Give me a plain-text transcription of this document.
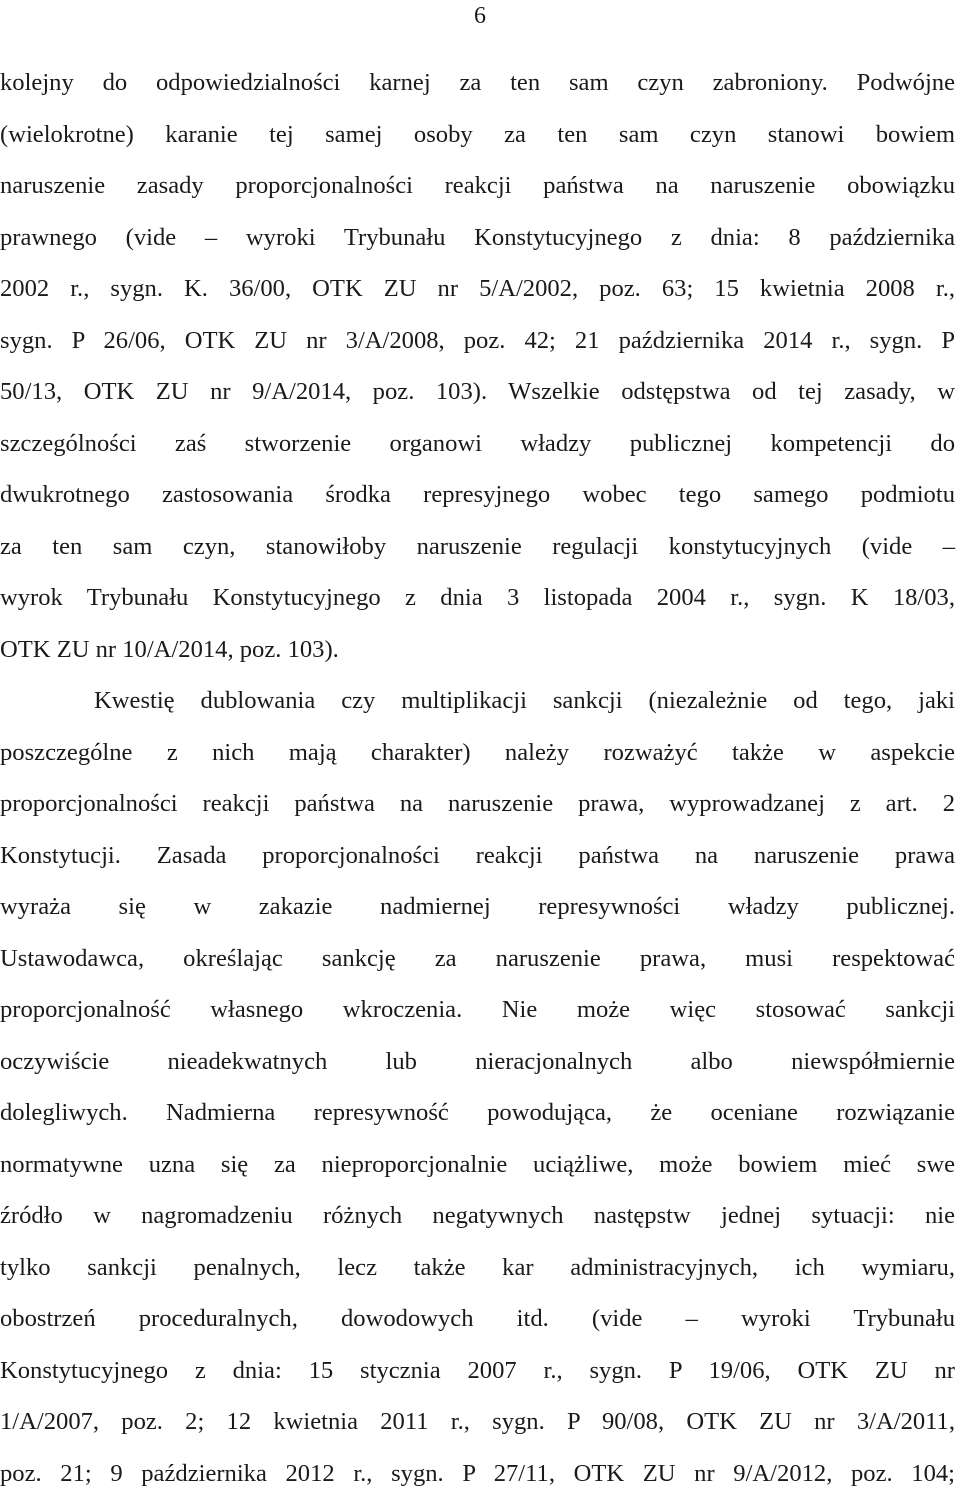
6
kolejny do odpowiedzialności karnej za ten sam czyn zabroniony. Podwójne
(wielokrotne) karanie tej samej osoby za ten sam czyn stanowi bowiem
naruszenie zasady proporcjonalności reakcji państwa na naruszenie obowiązku
prawnego (vide – wyroki Trybunału Konstytucyjnego z dnia: 8 października
2002 r., sygn. K. 36/00, OTK ZU nr 5/A/2002, poz. 63; 15 kwietnia 2008 r.,
sygn. P 26/06, OTK ZU nr 3/A/2008, poz. 42; 21 października 2014 r., sygn. P
50/13, OTK ZU nr 9/A/2014, poz. 103). Wszelkie odstępstwa od tej zasady, w
szczególności zaś stworzenie organowi władzy publicznej kompetencji do
dwukrotnego zastosowania środka represyjnego wobec tego samego podmiotu
za ten sam czyn, stanowiłoby naruszenie regulacji konstytucyjnych (vide –
wyrok Trybunału Konstytucyjnego z dnia 3 listopada 2004 r., sygn. K 18/03,
OTK ZU nr 10/A/2014, poz. 103).
Kwestię dublowania czy multiplikacji sankcji (niezależnie od tego, jaki
poszczególne z nich mają charakter) należy rozważyć także w aspekcie
proporcjonalności reakcji państwa na naruszenie prawa, wyprowadzanej z art. 2
Konstytucji. Zasada proporcjonalności reakcji państwa na naruszenie prawa
wyraża się w zakazie nadmiernej represywności władzy publicznej.
Ustawodawca, określając sankcję za naruszenie prawa, musi respektować
proporcjonalność własnego wkroczenia. Nie może więc stosować sankcji
oczywiście nieadekwatnych lub nieracjonalnych albo niewspółmiernie
dolegliwych. Nadmierna represywność powodująca, że oceniane rozwiązanie
normatywne uzna się za nieproporcjonalnie uciążliwe, może bowiem mieć swe
źródło w nagromadzeniu różnych negatywnych następstw jednej sytuacji: nie
tylko sankcji penalnych, lecz także kar administracyjnych, ich wymiaru,
obostrzeń proceduralnych, dowodowych itd. (vide – wyroki Trybunału
Konstytucyjnego z dnia: 15 stycznia 2007 r., sygn. P 19/06, OTK ZU nr
1/A/2007, poz. 2; 12 kwietnia 2011 r., sygn. P 90/08, OTK ZU nr 3/A/2011,
poz. 21; 9 października 2012 r., sygn. P 27/11, OTK ZU nr 9/A/2012, poz. 104;
